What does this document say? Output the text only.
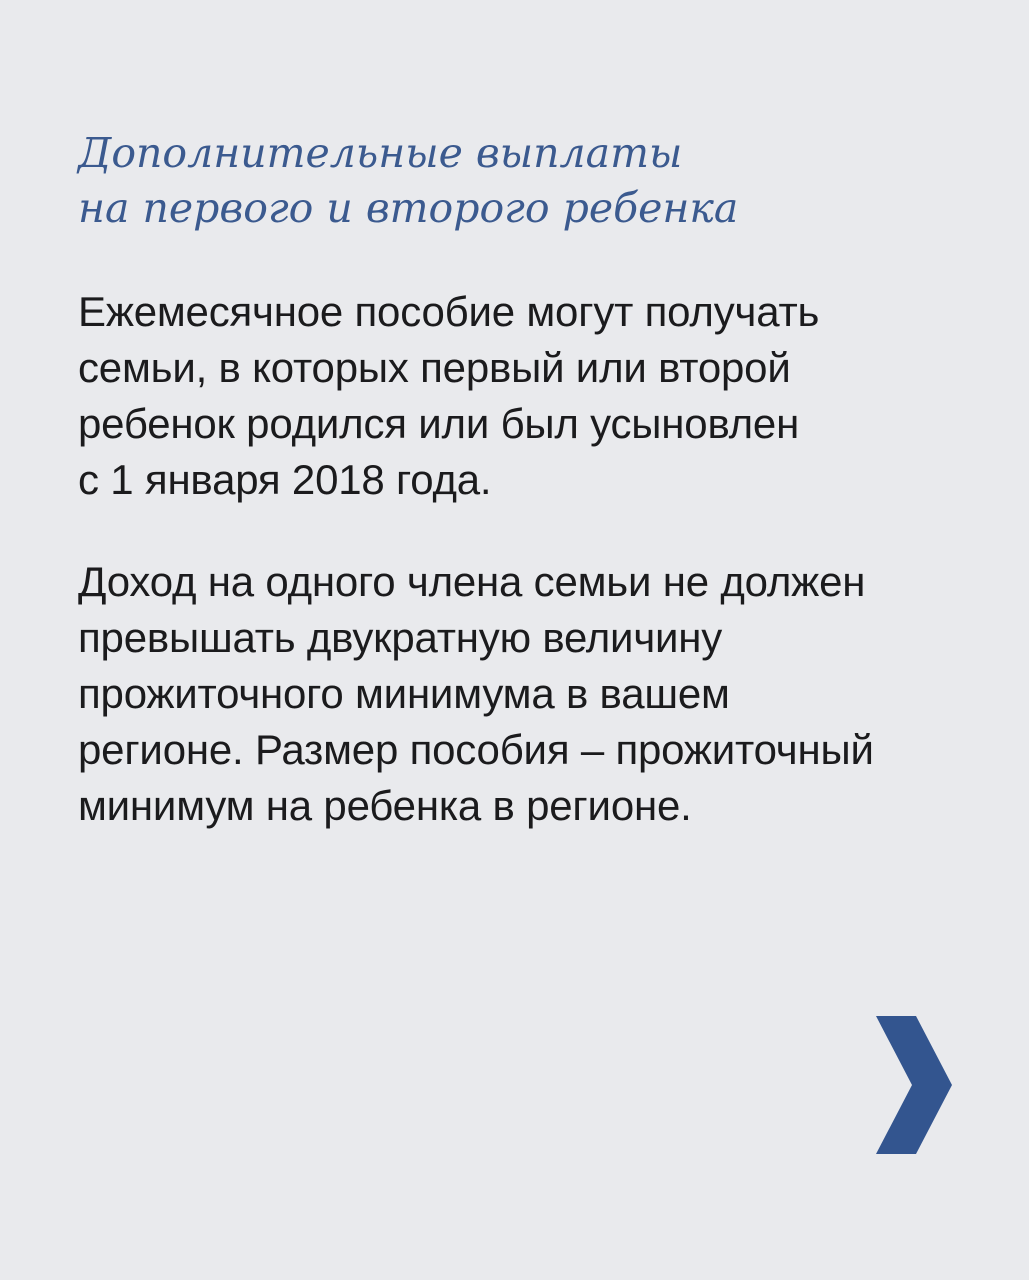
Дополнительные выплаты
на первого и второго ребенка

Ежемесячное пособие могут получать
семьи, в которых первый или второй
ребенок родился или был усыновлен
с 1 января 2018 года.

Доход на одного члена семьи не должен
превышать двукратную величину
прожиточного минимума в вашем
регионе. Размер пособия – прожиточный
минимум на ребенка в регионе.
